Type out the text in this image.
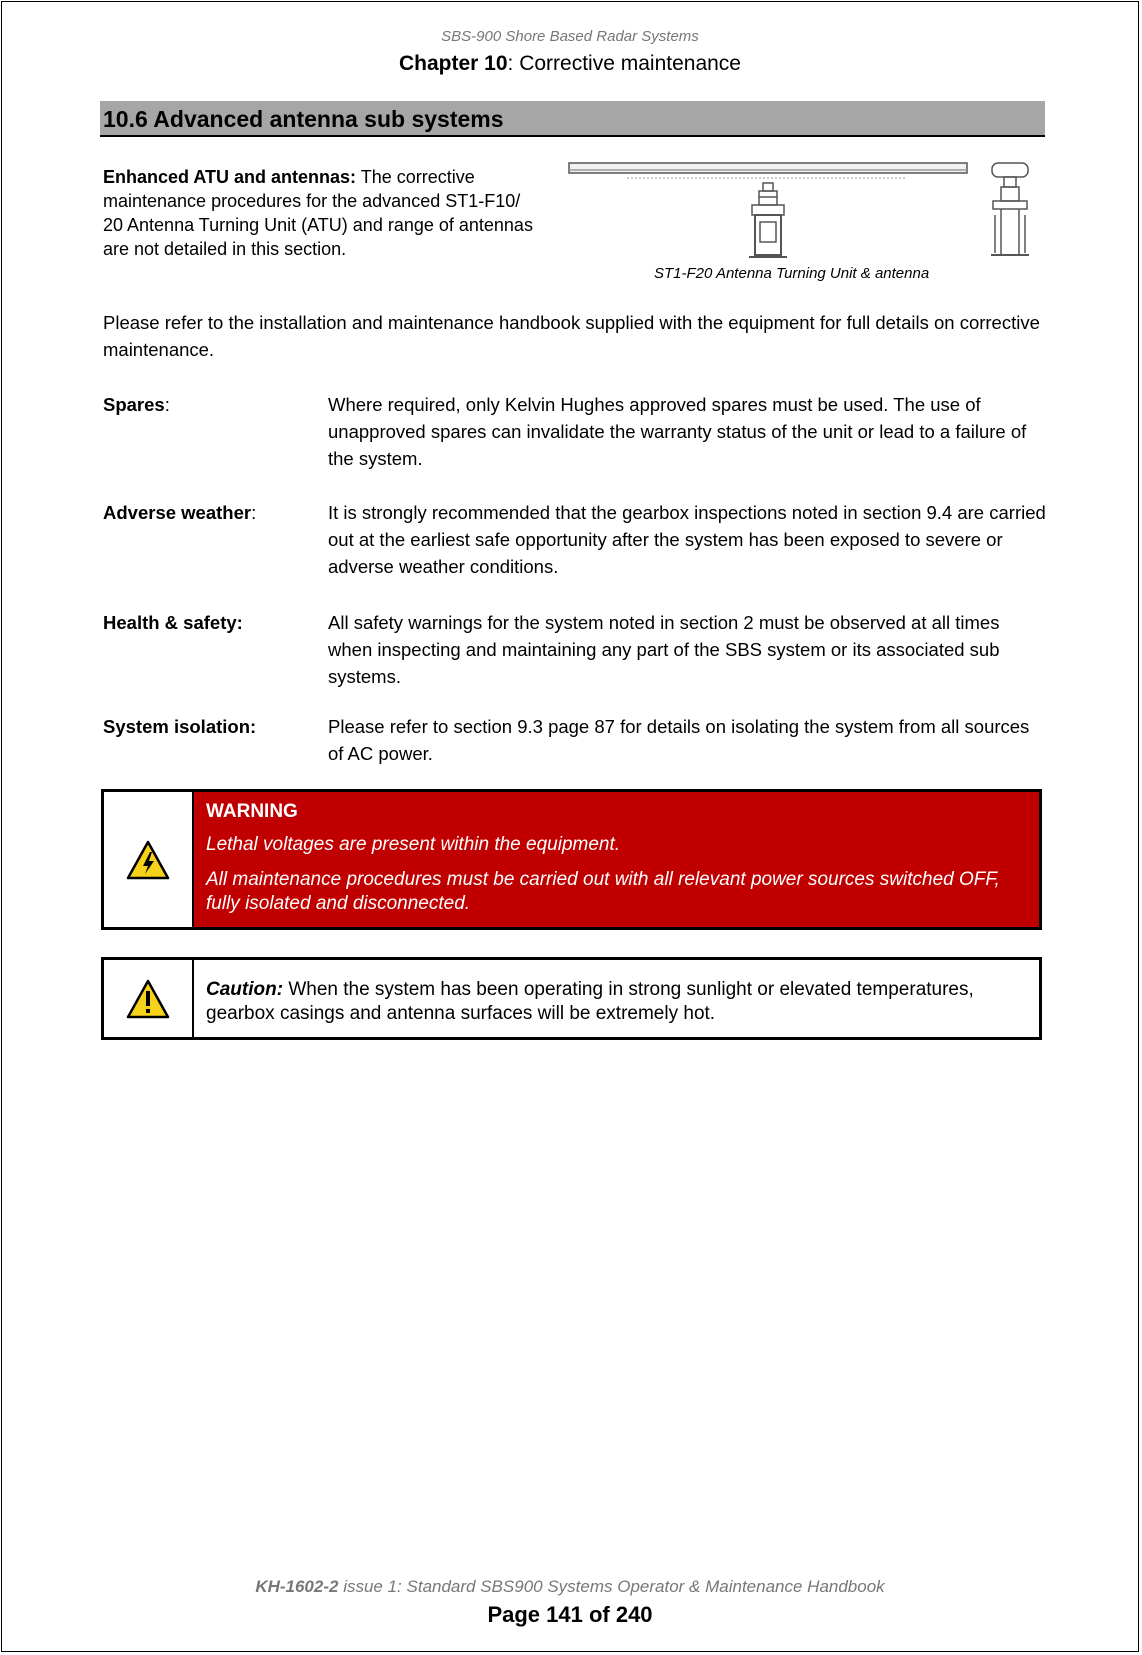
SBS-900 Shore Based Radar Systems
Chapter 10: Corrective maintenance
10.6 Advanced antenna sub systems
Enhanced ATU and antennas: The corrective maintenance procedures for the advanced ST1-F10/ 20 Antenna Turning Unit (ATU) and range of antennas are not detailed in this section.
ST1-F20 Antenna Turning Unit & antenna
Please refer to the installation and maintenance handbook supplied with the equipment for full details on corrective maintenance.
Spares:	Where required, only Kelvin Hughes approved spares must be used. The use of unapproved spares can invalidate the warranty status of the unit or lead to a failure of the system.
Adverse weather:	It is strongly recommended that the gearbox inspections noted in section 9.4 are carried out at the earliest safe opportunity after the system has been exposed to severe or adverse weather conditions.
Health & safety:	All safety warnings for the system noted in section 2 must be observed at all times when inspecting and maintaining any part of the SBS system or its associated sub systems.
System isolation:	Please refer to section 9.3 page 87 for details on isolating the system from all sources of AC power.
WARNING
Lethal voltages are present within the equipment.
All maintenance procedures must be carried out with all relevant power sources switched OFF, fully isolated and disconnected.
Caution: When the system has been operating in strong sunlight or elevated temperatures, gearbox casings and antenna surfaces will be extremely hot.
KH-1602-2 issue 1: Standard SBS900 Systems Operator & Maintenance Handbook
Page 141 of 240
